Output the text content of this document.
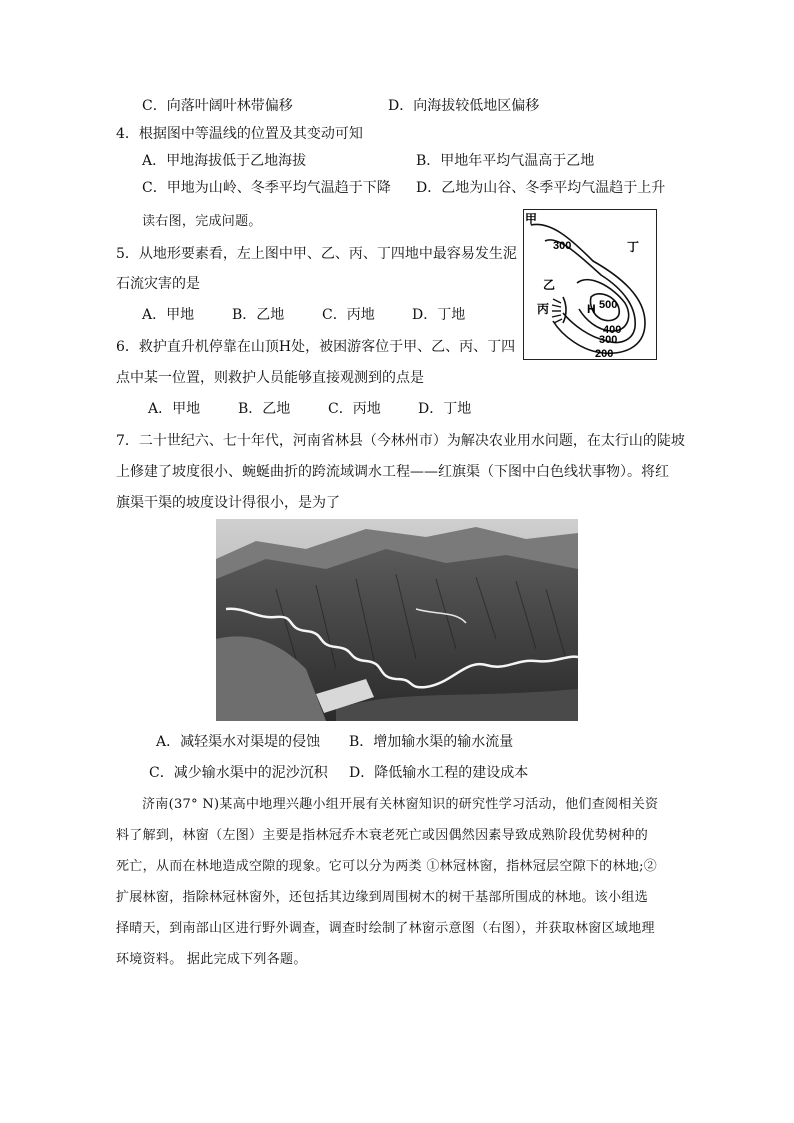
C．向落叶阔叶林带偏移	D．向海拔较低地区偏移
4．根据图中等温线的位置及其变动可知
A．甲地海拔低于乙地海拔	B．甲地年平均气温高于乙地
C．甲地为山岭、冬季平均气温趋于下降 D．乙地为山谷、冬季平均气温趋于上升
读右图，完成问题。
5．从地形要素看，左上图中甲、乙、丙、丁四地中最容易发生泥
石流灾害的是
A．甲地	B．乙地	C．丙地	D．丁地
6．救护直升机停靠在山顶H处，被困游客位于甲、乙、丙、丁四
点中某一位置，则救护人员能够直接观测到的点是
A．甲地	B．乙地	C．丙地	D．丁地
甲
乙
丙
丁
H
300
500
400
300
200
7．二十世纪六、七十年代，河南省林县（今林州市）为解决农业用水问题，在太行山的陡坡
上修建了坡度很小、蜿蜒曲折的跨流域调水工程——红旗渠（下图中白色线状事物）。将红
旗渠干渠的坡度设计得很小，是为了
A．减轻渠水对渠堤的侵蚀 B．增加输水渠的输水流量
C．减少输水渠中的泥沙沉积 D．降低输水工程的建设成本
济南(37° N)某高中地理兴趣小组开展有关林窗知识的研究性学习活动，他们查阅相关资
料了解到，林窗（左图）主要是指林冠乔木衰老死亡或因偶然因素导致成熟阶段优势树种的
死亡，从而在林地造成空隙的现象。它可以分为两类 ①林冠林窗，指林冠层空隙下的林地;②
扩展林窗，指除林冠林窗外，还包括其边缘到周围树木的树干基部所围成的林地。该小组选
择晴天，到南部山区进行野外调查，调查时绘制了林窗示意图（右图），并获取林窗区域地理
环境资料。 据此完成下列各题。
